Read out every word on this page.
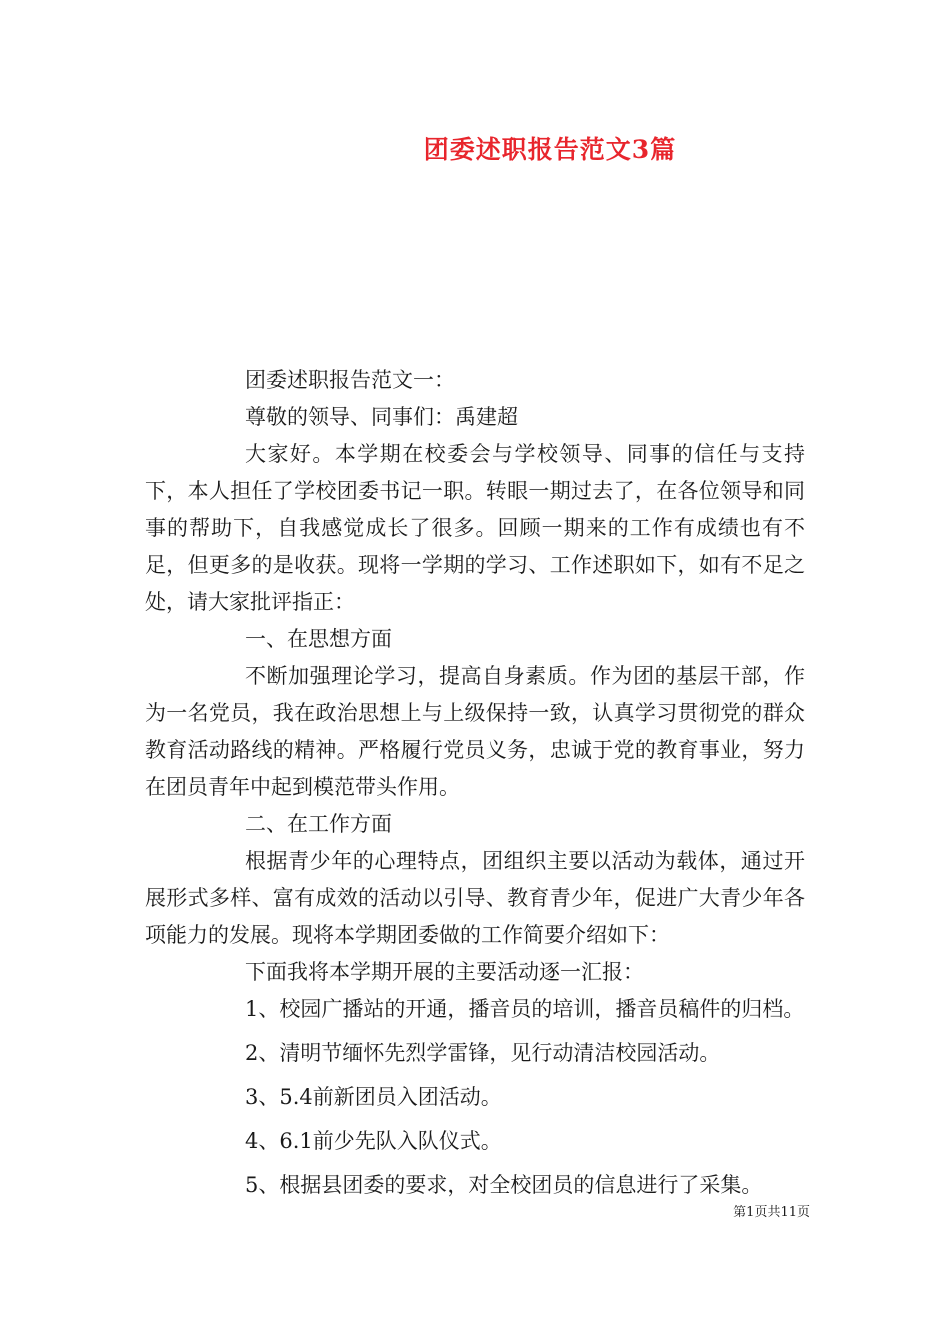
团委述职报告范文3篇

团委述职报告范文一：

尊敬的领导、同事们：禹建超

大家好。本学期在校委会与学校领导、同事的信任与支持下，本人担任了学校团委书记一职。转眼一期过去了，在各位领导和同事的帮助下，自我感觉成长了很多。回顾一期来的工作有成绩也有不足，但更多的是收获。现将一学期的学习、工作述职如下，如有不足之处，请大家批评指正：

一、在思想方面

不断加强理论学习，提高自身素质。作为团的基层干部，作为一名党员，我在政治思想上与上级保持一致，认真学习贯彻党的群众教育活动路线的精神。严格履行党员义务，忠诚于党的教育事业，努力在团员青年中起到模范带头作用。

二、在工作方面

根据青少年的心理特点，团组织主要以活动为载体，通过开展形式多样、富有成效的活动以引导、教育青少年，促进广大青少年各项能力的发展。现将本学期团委做的工作简要介绍如下：

下面我将本学期开展的主要活动逐一汇报：

1、校园广播站的开通，播音员的培训，播音员稿件的归档。

2、清明节缅怀先烈学雷锋，见行动清洁校园活动。

3、5.4前新团员入团活动。

4、6.1前少先队入队仪式。

5、根据县团委的要求，对全校团员的信息进行了采集。

第1页共11页
